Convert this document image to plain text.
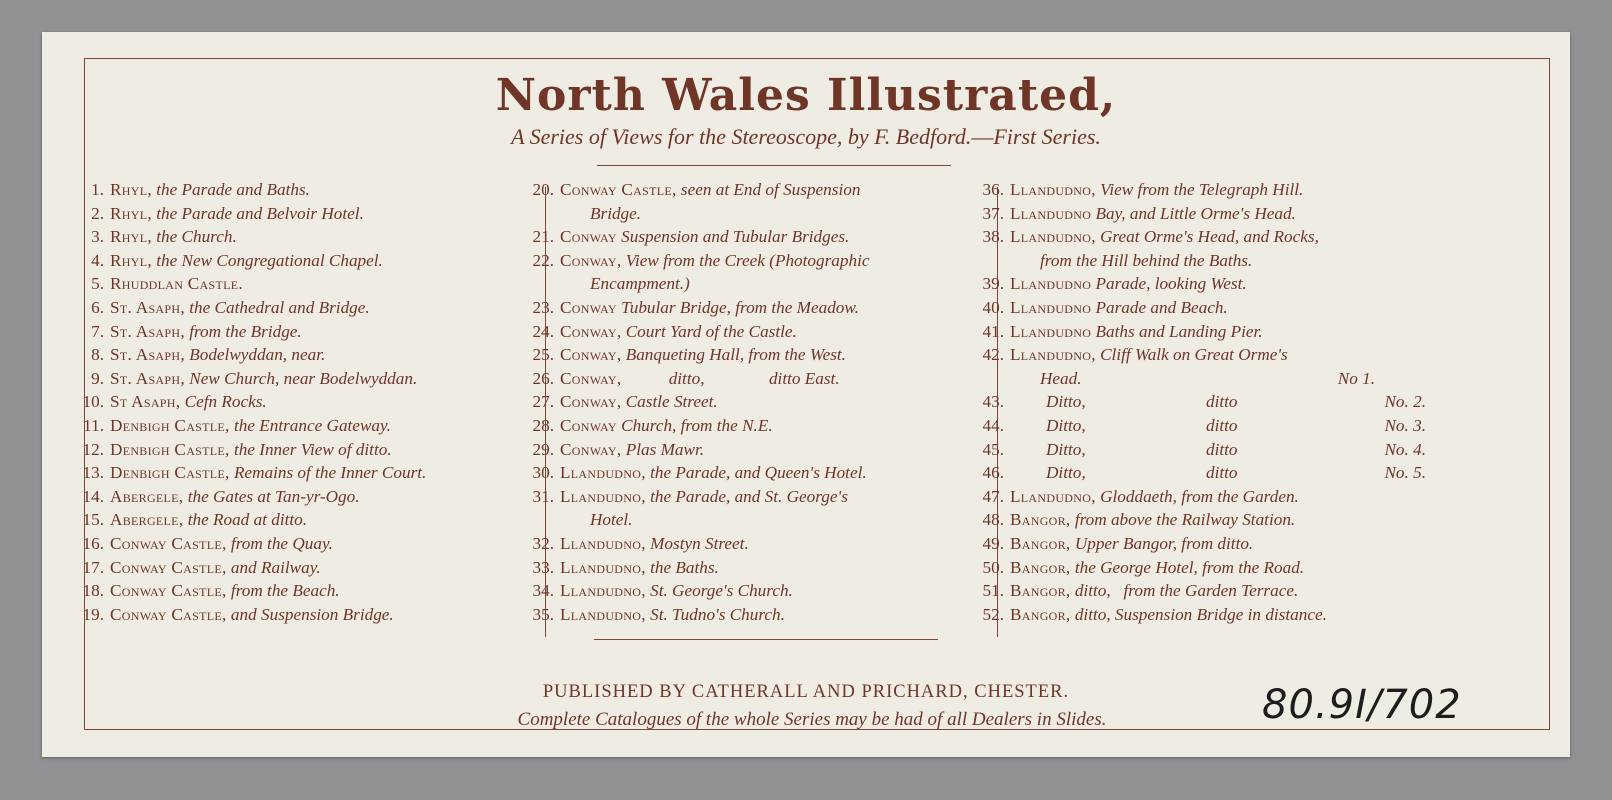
North Wales Illustrated,
A Series of Views for the Stereoscope, by F. Bedford.—First Series.
1. Rhyl, the Parade and Baths.
2. Rhyl, the Parade and Belvoir Hotel.
3. Rhyl, the Church.
4. Rhyl, the New Congregational Chapel.
5. Rhuddlan Castle.
6. St. Asaph, the Cathedral and Bridge.
7. St. Asaph, from the Bridge.
8. St. Asaph, Bodelwyddan, near.
9. St. Asaph, New Church, near Bodelwyddan.
10. St Asaph, Cefn Rocks.
11. Denbigh Castle, the Entrance Gateway.
12. Denbigh Castle, the Inner View of ditto.
13. Denbigh Castle, Remains of the Inner Court.
14. Abergele, the Gates at Tan-yr-Ogo.
15. Abergele, the Road at ditto.
16. Conway Castle, from the Quay.
17. Conway Castle, and Railway.
18. Conway Castle, from the Beach.
19. Conway Castle, and Suspension Bridge.
20. Conway Castle, seen at End of Suspension
Bridge.
21. Conway Suspension and Tubular Bridges.
22. Conway, View from the Creek (Photographic
Encampment.)
23. Conway Tubular Bridge, from the Meadow.
24. Conway, Court Yard of the Castle.
25. Conway, Banqueting Hall, from the West.
26. Conway, ditto,               ditto East.
27. Conway, Castle Street.
28. Conway Church, from the N.E.
29. Conway, Plas Mawr.
30. Llandudno, the Parade, and Queen's Hotel.
31. Llandudno, the Parade, and St. George's
Hotel.
32. Llandudno, Mostyn Street.
33. Llandudno, the Baths.
34. Llandudno, St. George's Church.
35. Llandudno, St. Tudno's Church.
36. Llandudno, View from the Telegraph Hill.
37. Llandudno Bay, and Little Orme's Head.
38. Llandudno, Great Orme's Head, and Rocks,
from the Hill behind the Baths.
39. Llandudno Parade, looking West.
40. Llandudno Parade and Beach.
41. Llandudno Baths and Landing Pier.
42. Llandudno, Cliff Walk on Great Orme's
Head.	No 1.
43.	Ditto,	ditto	No. 2.
44.	Ditto,	ditto	No. 3.
45.	Ditto,	ditto	No. 4.
46.	Ditto,	ditto	No. 5.
47. Llandudno, Gloddaeth, from the Garden.
48. Bangor, from above the Railway Station.
49. Bangor, Upper Bangor, from ditto.
50. Bangor, the George Hotel, from the Road.
51. Bangor, ditto,   from the Garden Terrace.
52. Bangor, ditto, Suspension Bridge in distance.
PUBLISHED BY CATHERALL AND PRICHARD, CHESTER.
Complete Catalogues of the whole Series may be had of all Dealers in Slides.	80.9I/702
